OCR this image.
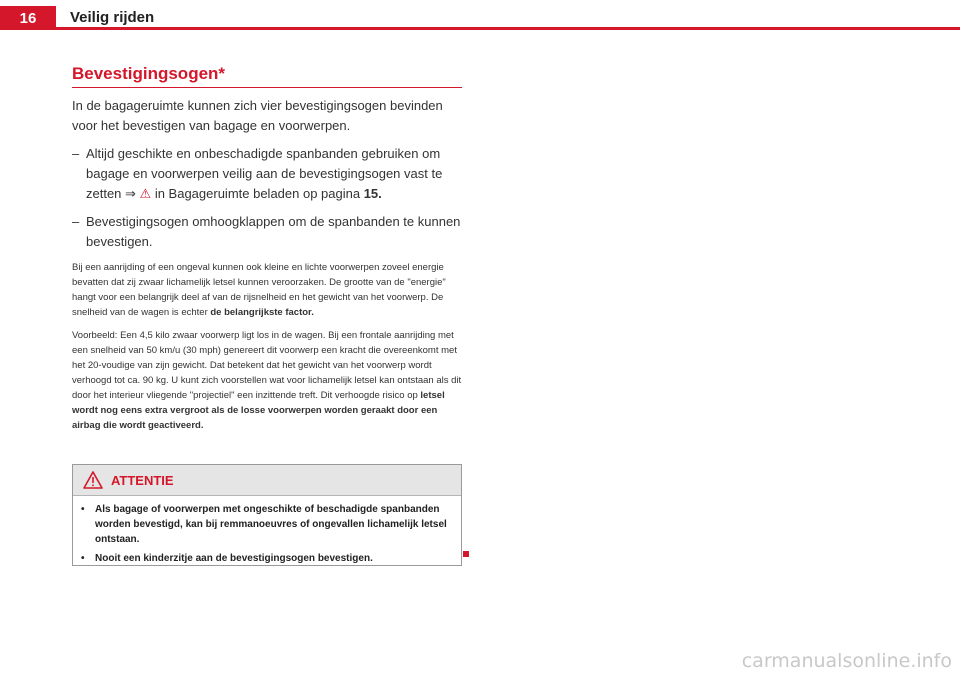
16	Veilig rijden
Bevestigingsogen*

In de bagageruimte kunnen zich vier bevestigingsogen bevinden voor het bevestigen van bagage en voorwerpen.

– Altijd geschikte en onbeschadigde spanbanden gebruiken om bagage en voorwerpen veilig aan de bevestigingsogen vast te zetten ⇒ ⚠ in Bagageruimte beladen op pagina 15.
– Bevestigingsogen omhoogklappen om de spanbanden te kunnen bevestigen.

Bij een aanrijding of een ongeval kunnen ook kleine en lichte voorwerpen zoveel energie bevatten dat zij zwaar lichamelijk letsel kunnen veroorzaken. De grootte van de "energie" hangt voor een belangrijk deel af van de rijsnelheid en het gewicht van het voorwerp. De snelheid van de wagen is echter de belangrijkste factor.

Voorbeeld: Een 4,5 kilo zwaar voorwerp ligt los in de wagen. Bij een frontale aanrijding met een snelheid van 50 km/u (30 mph) genereert dit voorwerp een kracht die overeenkomt met het 20-voudige van zijn gewicht. Dat betekent dat het gewicht van het voorwerp wordt verhoogd tot ca. 90 kg. U kunt zich voorstellen wat voor lichamelijk letsel kan ontstaan als dit door het interieur vliegende "projectiel" een inzittende treft. Dit verhoogde risico op letsel wordt nog eens extra vergroot als de losse voorwerpen worden geraakt door een airbag die wordt geactiveerd.

ATTENTIE
•	Als bagage of voorwerpen met ongeschikte of beschadigde spanbanden worden bevestigd, kan bij remmanoeuvres of ongevallen lichamelijk letsel ontstaan.
•	Nooit een kinderzitje aan de bevestigingsogen bevestigen.
carmanualsonline.info
